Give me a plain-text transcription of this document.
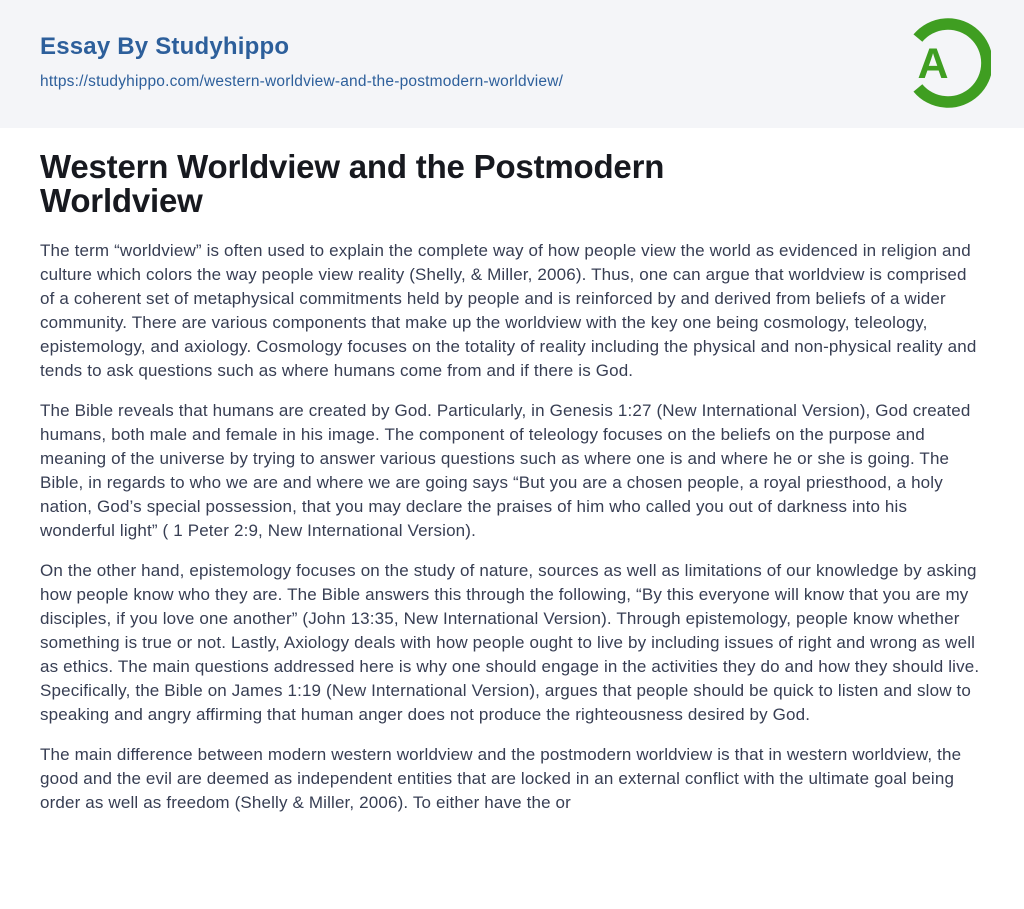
Essay By Studyhippo
https://studyhippo.com/western-worldview-and-the-postmodern-worldview/	A
Western Worldview and the Postmodern Worldview

The term “worldview” is often used to explain the complete way of how people view the world as evidenced in religion and culture which colors the way people view reality (Shelly, & Miller, 2006). Thus, one can argue that worldview is comprised of a coherent set of metaphysical commitments held by people and is reinforced by and derived from beliefs of a wider community. There are various components that make up the worldview with the key one being cosmology, teleology, epistemology, and axiology. Cosmology focuses on the totality of reality including the physical and non-physical reality and tends to ask questions such as where humans come from and if there is God.

The Bible reveals that humans are created by God. Particularly, in Genesis 1:27 (New International Version), God created humans, both male and female in his image. The component of teleology focuses on the beliefs on the purpose and meaning of the universe by trying to answer various questions such as where one is and where he or she is going. The Bible, in regards to who we are and where we are going says “But you are a chosen people, a royal priesthood, a holy nation, God’s special possession, that you may declare the praises of him who called you out of darkness into his wonderful light” ( 1 Peter 2:9, New International Version).

On the other hand, epistemology focuses on the study of nature, sources as well as limitations of our knowledge by asking how people know who they are. The Bible answers this through the following, “By this everyone will know that you are my disciples, if you love one another” (John 13:35, New International Version). Through epistemology, people know whether something is true or not. Lastly, Axiology deals with how people ought to live by including issues of right and wrong as well as ethics. The main questions addressed here is why one should engage in the activities they do and how they should live. Specifically, the Bible on James 1:19 (New International Version), argues that people should be quick to listen and slow to speaking and angry affirming that human anger does not produce the righteousness desired by God.

The main difference between modern western worldview and the postmodern worldview is that in western worldview, the good and the evil are deemed as independent entities that are locked in an external conflict with the ultimate goal being order as well as freedom (Shelly & Miller, 2006). To either have the or
